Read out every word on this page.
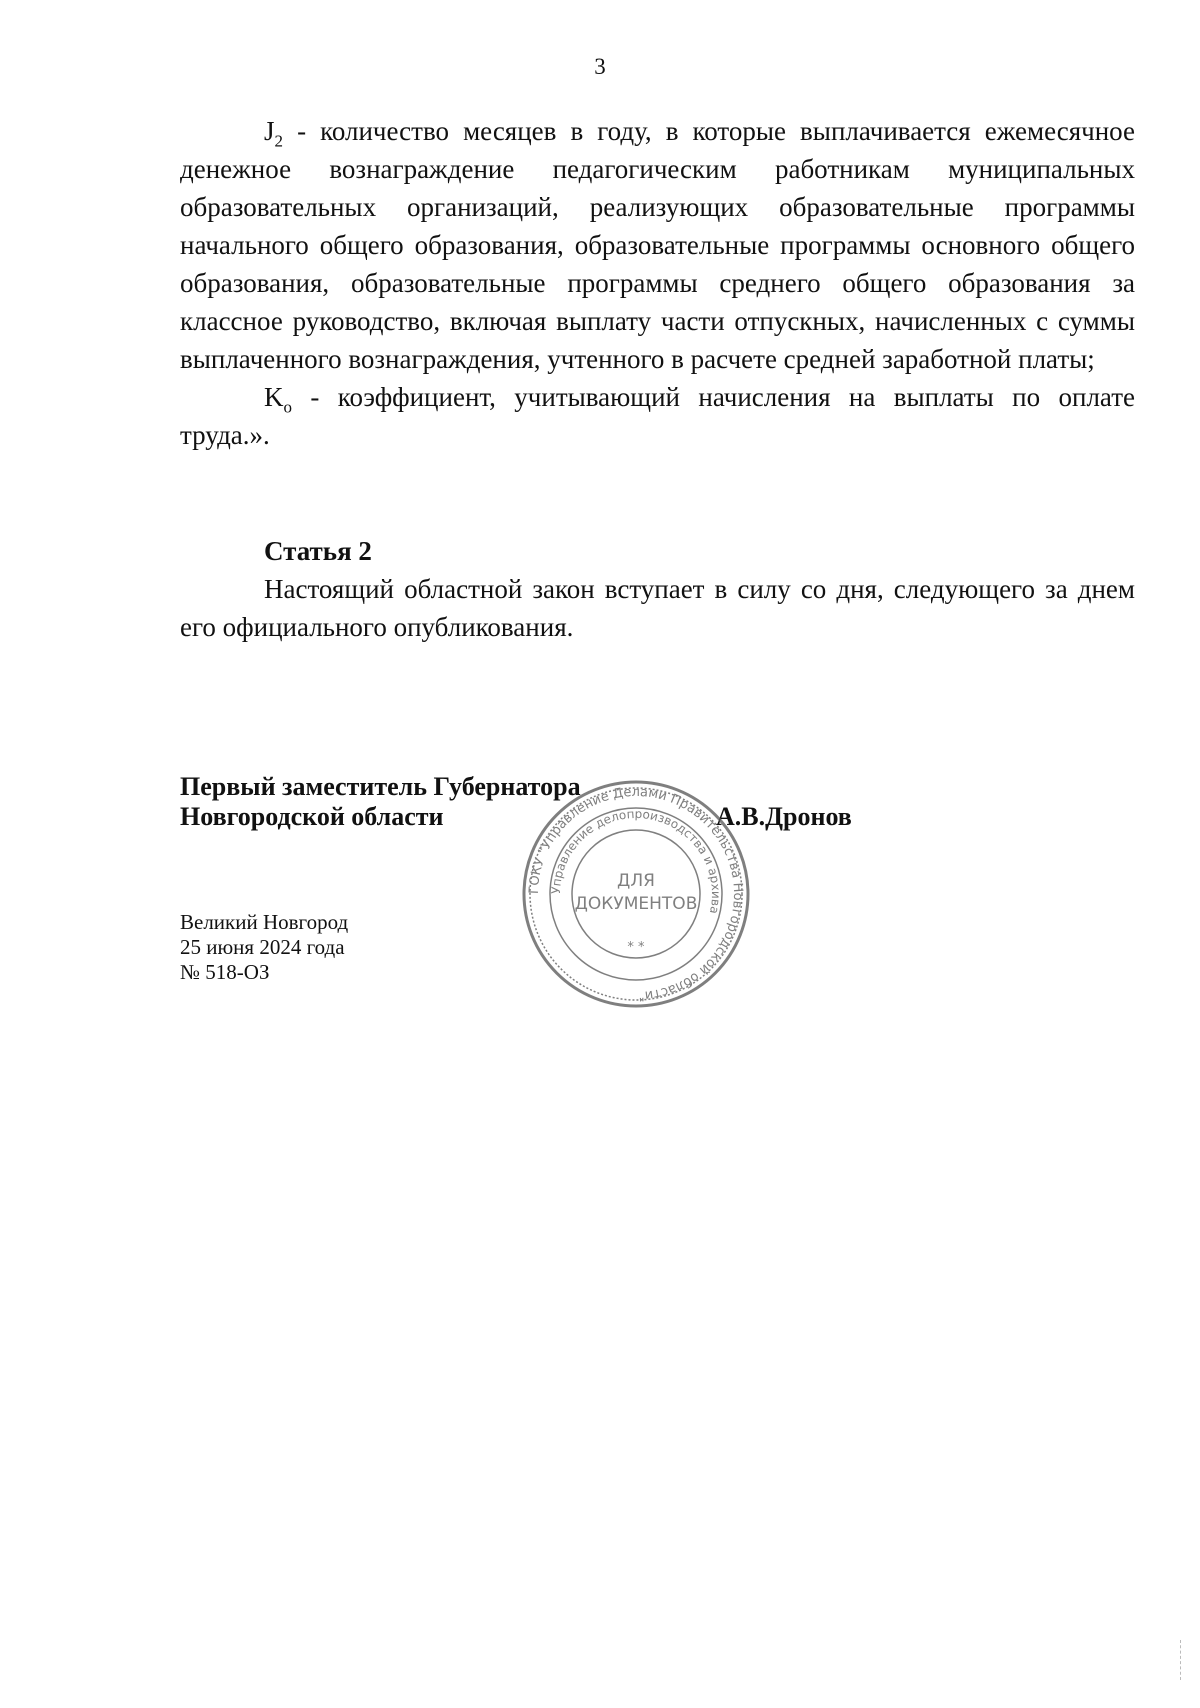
3

$J_2$ - количество месяцев в году, в которые выплачивается ежемесячное денежное вознаграждение педагогическим работникам муниципальных образовательных организаций, реализующих образовательные программы начального общего образования, образовательные программы основного общего образования, образовательные программы среднего общего образования за классное руководство, включая выплату части отпускных, начисленных с суммы выплаченного вознаграждения, учтенного в расчете средней заработной платы;

$K_о$ - коэффициент, учитывающий начисления на выплаты по оплате труда.».

Статья 2

Настоящий областной закон вступает в силу со дня, следующего за днем его официального опубликования.

Первый заместитель Губернатора
Новгородской области	А.В.Дронов
ГОКУ "Управление Делами Правительства Новгородской области"
Управление делопроизводства и архива
ДЛЯ
ДОКУМЕНТОВ
* *
Великий Новгород
25 июня 2024 года
№ 518-ОЗ
